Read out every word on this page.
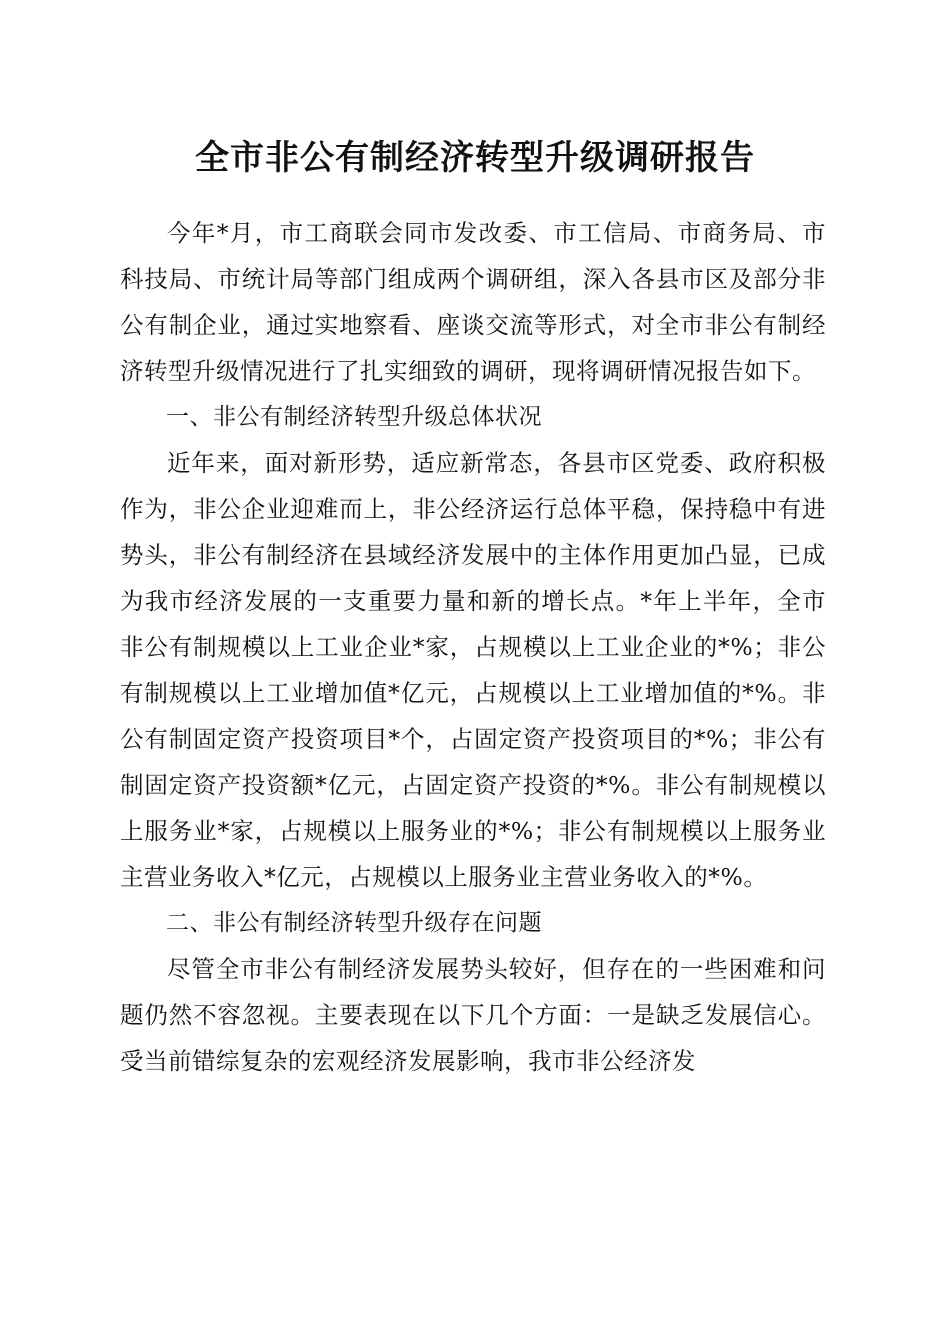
全市非公有制经济转型升级调研报告

今年*月，市工商联会同市发改委、市工信局、市商务局、市科技局、市统计局等部门组成两个调研组，深入各县市区及部分非公有制企业，通过实地察看、座谈交流等形式，对全市非公有制经济转型升级情况进行了扎实细致的调研，现将调研情况报告如下。

一、非公有制经济转型升级总体状况

近年来，面对新形势，适应新常态，各县市区党委、政府积极作为，非公企业迎难而上，非公经济运行总体平稳，保持稳中有进势头，非公有制经济在县域经济发展中的主体作用更加凸显，已成为我市经济发展的一支重要力量和新的增长点。*年上半年，全市非公有制规模以上工业企业*家，占规模以上工业企业的*%；非公有制规模以上工业增加值*亿元，占规模以上工业增加值的*%。非公有制固定资产投资项目*个，占固定资产投资项目的*%；非公有制固定资产投资额*亿元，占固定资产投资的*%。非公有制规模以上服务业*家，占规模以上服务业的*%；非公有制规模以上服务业主营业务收入*亿元，占规模以上服务业主营业务收入的*%。

二、非公有制经济转型升级存在问题

尽管全市非公有制经济发展势头较好，但存在的一些困难和问题仍然不容忽视。主要表现在以下几个方面：一是缺乏发展信心。受当前错综复杂的宏观经济发展影响，我市非公经济发
